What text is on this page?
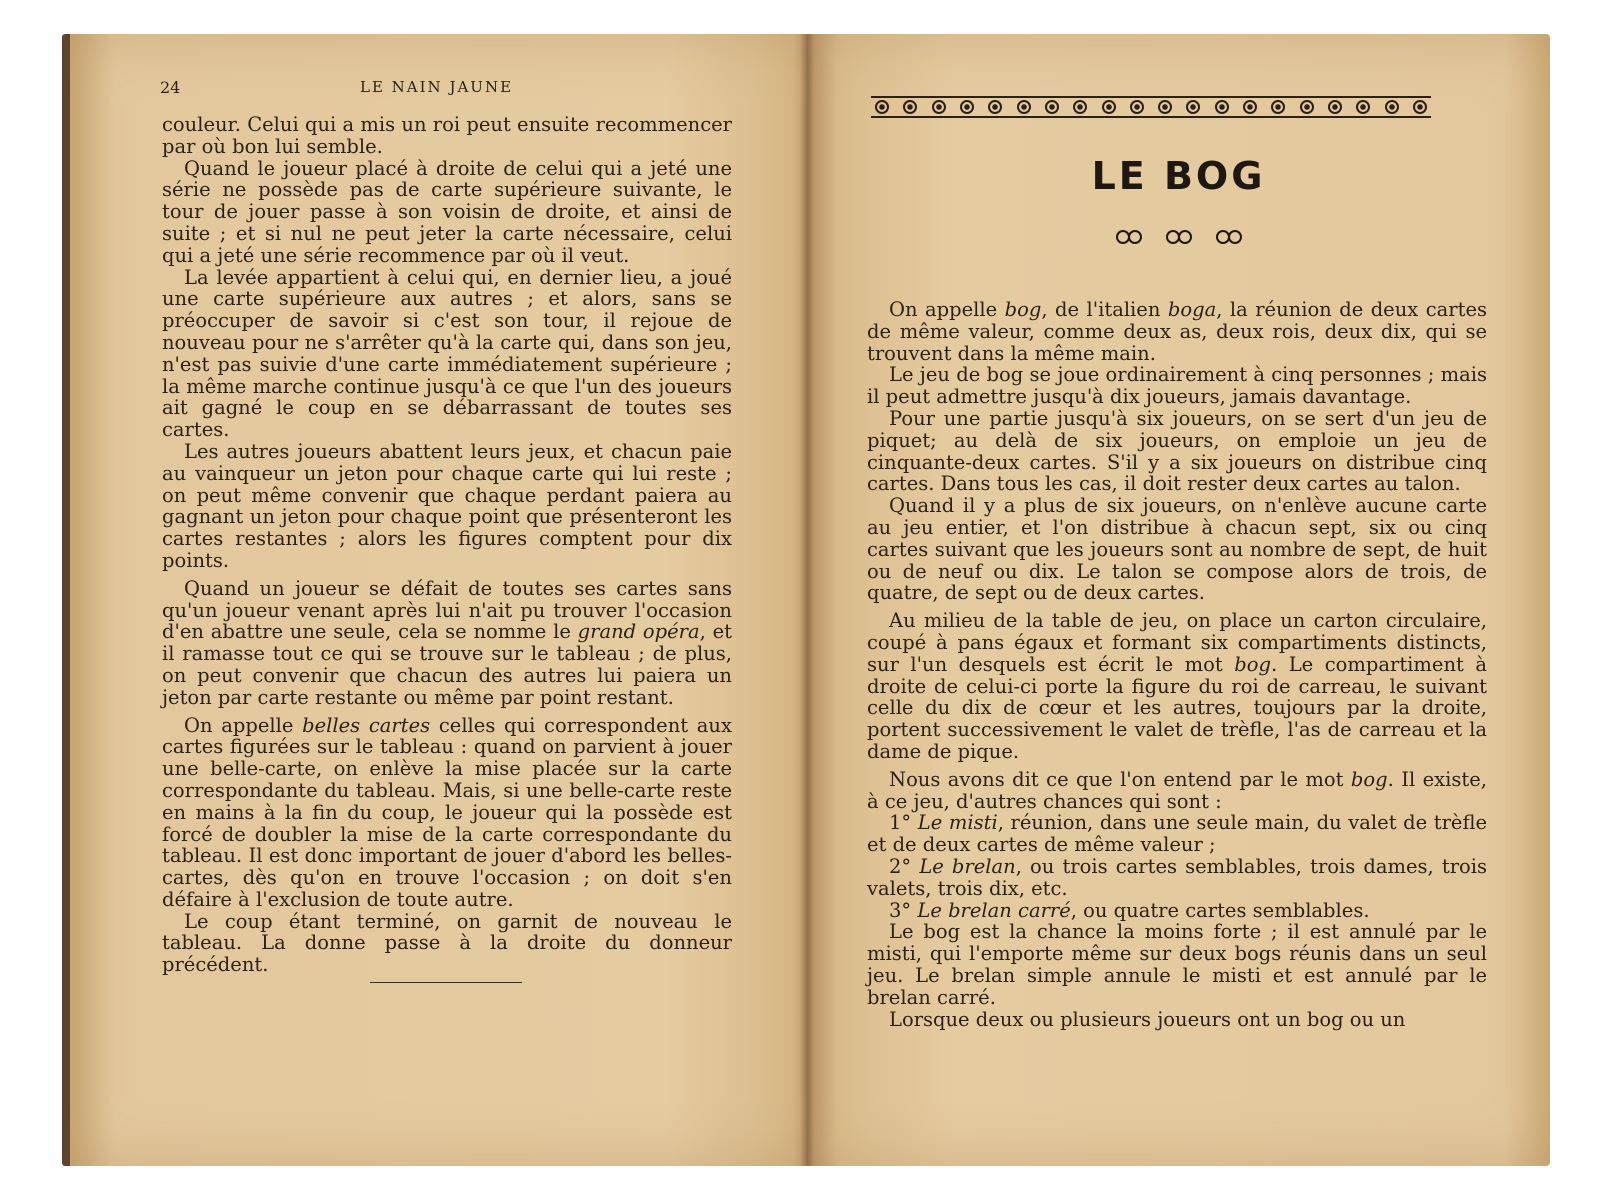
24	LE NAIN JAUNE

couleur. Celui qui a mis un roi peut ensuite recommencer par où bon lui semble.

Quand le joueur placé à droite de celui qui a jeté une série ne possède pas de carte supérieure suivante, le tour de jouer passe à son voisin de droite, et ainsi de suite ; et si nul ne peut jeter la carte nécessaire, celui qui a jeté une série recommence par où il veut.

La levée appartient à celui qui, en dernier lieu, a joué une carte supérieure aux autres ; et alors, sans se préoccuper de savoir si c'est son tour, il rejoue de nouveau pour ne s'arrêter qu'à la carte qui, dans son jeu, n'est pas suivie d'une carte immédiatement supérieure ; la même marche continue jusqu'à ce que l'un des joueurs ait gagné le coup en se débarrassant de toutes ses cartes.

Les autres joueurs abattent leurs jeux, et chacun paie au vainqueur un jeton pour chaque carte qui lui reste ; on peut même convenir que chaque perdant paiera au gagnant un jeton pour chaque point que présenteront les cartes restantes ; alors les figures comptent pour dix points.

Quand un joueur se défait de toutes ses cartes sans qu'un joueur venant après lui n'ait pu trouver l'occasion d'en abattre une seule, cela se nomme le grand opéra, et il ramasse tout ce qui se trouve sur le tableau ; de plus, on peut convenir que chacun des autres lui paiera un jeton par carte restante ou même par point restant.

On appelle belles cartes celles qui correspondent aux cartes figurées sur le tableau : quand on parvient à jouer une belle-carte, on enlève la mise placée sur la carte correspondante du tableau. Mais, si une belle-carte reste en mains à la fin du coup, le joueur qui la possède est forcé de doubler la mise de la carte correspondante du tableau. Il est donc important de jouer d'abord les belles-cartes, dès qu'on en trouve l'occasion ; on doit s'en défaire à l'exclusion de toute autre.

Le coup étant terminé, on garnit de nouveau le tableau. La donne passe à la droite du donneur précédent.

LE BOG

On appelle bog, de l'italien boga, la réunion de deux cartes de même valeur, comme deux as, deux rois, deux dix, qui se trouvent dans la même main.

Le jeu de bog se joue ordinairement à cinq personnes ; mais il peut admettre jusqu'à dix joueurs, jamais davantage.

Pour une partie jusqu'à six joueurs, on se sert d'un jeu de piquet; au delà de six joueurs, on emploie un jeu de cinquante-deux cartes. S'il y a six joueurs on distribue cinq cartes. Dans tous les cas, il doit rester deux cartes au talon.

Quand il y a plus de six joueurs, on n'enlève aucune carte au jeu entier, et l'on distribue à chacun sept, six ou cinq cartes suivant que les joueurs sont au nombre de sept, de huit ou de neuf ou dix. Le talon se compose alors de trois, de quatre, de sept ou de deux cartes.

Au milieu de la table de jeu, on place un carton circulaire, coupé à pans égaux et formant six compartiments distincts, sur l'un desquels est écrit le mot bog. Le compartiment à droite de celui-ci porte la figure du roi de carreau, le suivant celle du dix de cœur et les autres, toujours par la droite, portent successivement le valet de trèfle, l'as de carreau et la dame de pique.

Nous avons dit ce que l'on entend par le mot bog. Il existe, à ce jeu, d'autres chances qui sont :

1° Le misti, réunion, dans une seule main, du valet de trèfle et de deux cartes de même valeur ;

2° Le brelan, ou trois cartes semblables, trois dames, trois valets, trois dix, etc.

3° Le brelan carré, ou quatre cartes semblables.

Le bog est la chance la moins forte ; il est annulé par le misti, qui l'emporte même sur deux bogs réunis dans un seul jeu. Le brelan simple annule le misti et est annulé par le brelan carré.

Lorsque deux ou plusieurs joueurs ont un bog ou un
